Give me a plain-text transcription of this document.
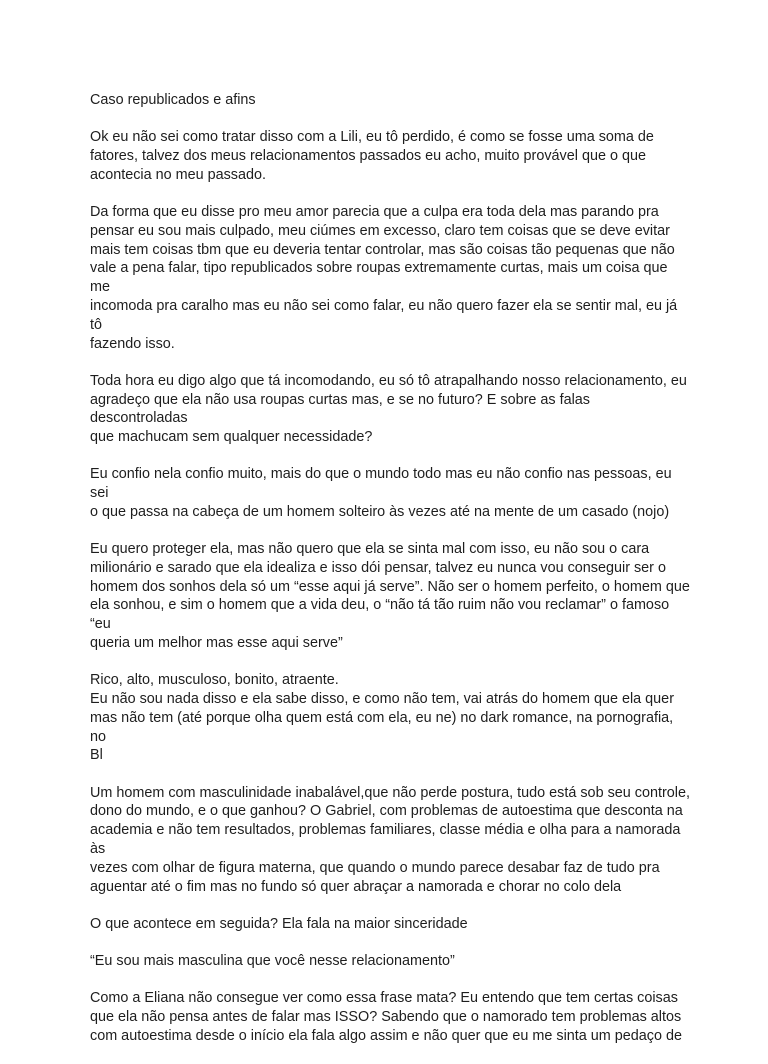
Caso republicados e afins

Ok eu não sei como tratar disso com a Lili, eu tô perdido, é como se fosse uma soma de
fatores, talvez dos meus relacionamentos passados eu acho, muito provável que o que
acontecia no meu passado.

Da forma que eu disse pro meu amor parecia que a culpa era toda dela mas parando pra
pensar eu sou mais culpado, meu ciúmes em excesso, claro tem coisas que se deve evitar
mais tem coisas tbm que eu deveria tentar controlar, mas são coisas tão pequenas que não
vale a pena falar, tipo republicados sobre roupas extremamente curtas, mais um coisa que me
incomoda pra caralho mas eu não sei como falar, eu não quero fazer ela se sentir mal, eu já tô
fazendo isso.

Toda hora eu digo algo que tá incomodando, eu só tô atrapalhando nosso relacionamento, eu
agradeço que ela não usa roupas curtas mas, e se no futuro? E sobre as falas descontroladas
que machucam sem qualquer necessidade?

Eu confio nela confio muito, mais do que o mundo todo mas eu não confio nas pessoas, eu sei
o que passa na cabeça de um homem solteiro às vezes até na mente de um casado (nojo)

Eu quero proteger ela, mas não quero que ela se sinta mal com isso, eu não sou o cara
milionário e sarado que ela idealiza e isso dói pensar, talvez eu nunca vou conseguir ser o
homem dos sonhos dela só um “esse aqui já serve”. Não ser o homem perfeito, o homem que
ela sonhou, e sim o homem que a vida deu, o “não tá tão ruim não vou reclamar” o famoso “eu
queria um melhor mas esse aqui serve”

Rico, alto, musculoso, bonito, atraente.
Eu não sou nada disso e ela sabe disso, e como não tem, vai atrás do homem que ela quer
mas não tem (até porque olha quem está com ela, eu ne) no dark romance, na pornografia, no
Bl

Um homem com masculinidade inabalável,que não perde postura, tudo está sob seu controle,
dono do mundo, e o que ganhou? O Gabriel, com problemas de autoestima que desconta na
academia e não tem resultados, problemas familiares, classe média e olha para a namorada às
vezes com olhar de figura materna, que quando o mundo parece desabar faz de tudo pra
aguentar até o fim mas no fundo só quer abraçar a namorada e chorar no colo dela

O que acontece em seguida? Ela fala na maior sinceridade

“Eu sou mais masculina que você nesse relacionamento”

Como a Eliana não consegue ver como essa frase mata? Eu entendo que tem certas coisas
que ela não pensa antes de falar mas ISSO? Sabendo que o namorado tem problemas altos
com autoestima desde o início ela fala algo assim e não quer que eu me sinta um pedaço de
